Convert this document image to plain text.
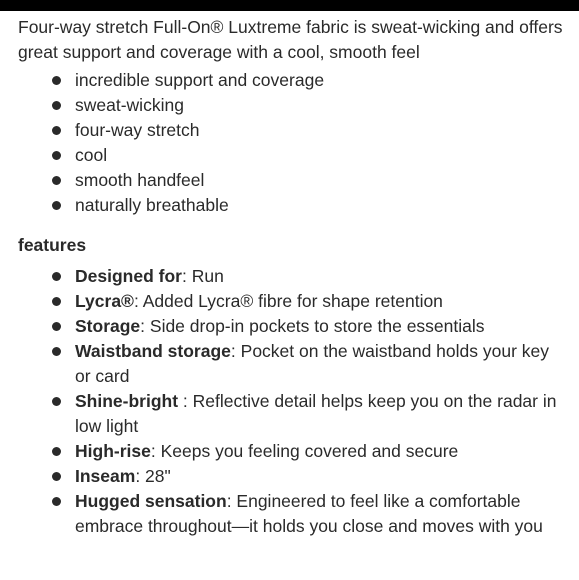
Four-way stretch Full-On® Luxtreme fabric is sweat-wicking and offers great support and coverage with a cool, smooth feel

incredible support and coverage
sweat-wicking
four-way stretch
cool
smooth handfeel
naturally breathable
features
Designed for: Run
Lycra®: Added Lycra® fibre for shape retention
Storage: Side drop-in pockets to store the essentials
Waistband storage: Pocket on the waistband holds your key or card
Shine-bright : Reflective detail helps keep you on the radar in low light
High-rise: Keeps you feeling covered and secure
Inseam: 28"
Hugged sensation: Engineered to feel like a comfortable embrace throughout—it holds you close and moves with you
